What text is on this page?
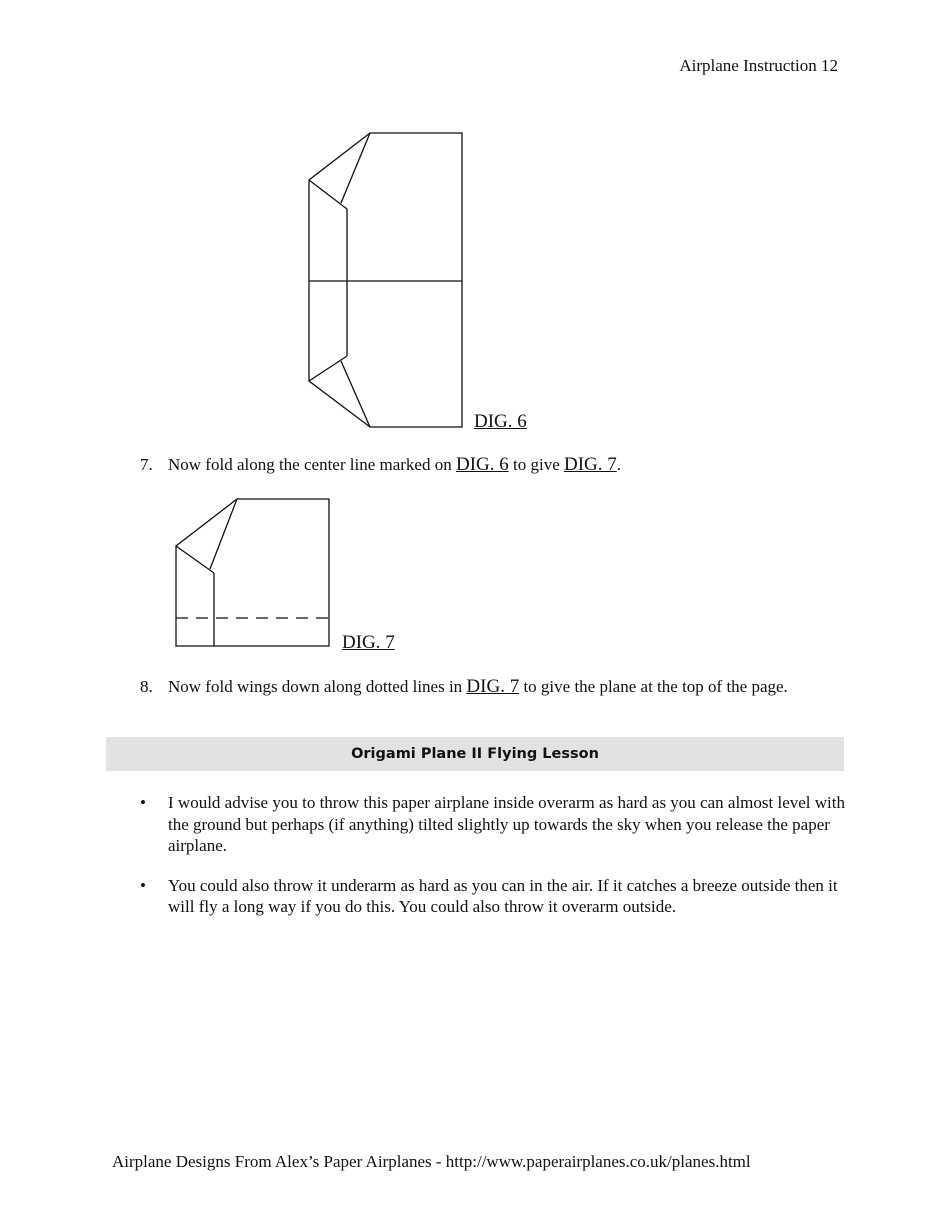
Airplane Instruction 12
DIG. 6
7. Now fold along the center line marked on DIG. 6 to give DIG. 7.
DIG. 7
8. Now fold wings down along dotted lines in DIG. 7 to give the plane at the top of the page.
Origami Plane II Flying Lesson
• I would advise you to throw this paper airplane inside overarm as hard as you can almost level with the ground but perhaps (if anything) tilted slightly up towards the sky when you release the paper airplane.
• You could also throw it underarm as hard as you can in the air. If it catches a breeze outside then it will fly a long way if you do this. You could also throw it overarm outside.
Airplane Designs From Alex’s Paper Airplanes - http://www.paperairplanes.co.uk/planes.html
